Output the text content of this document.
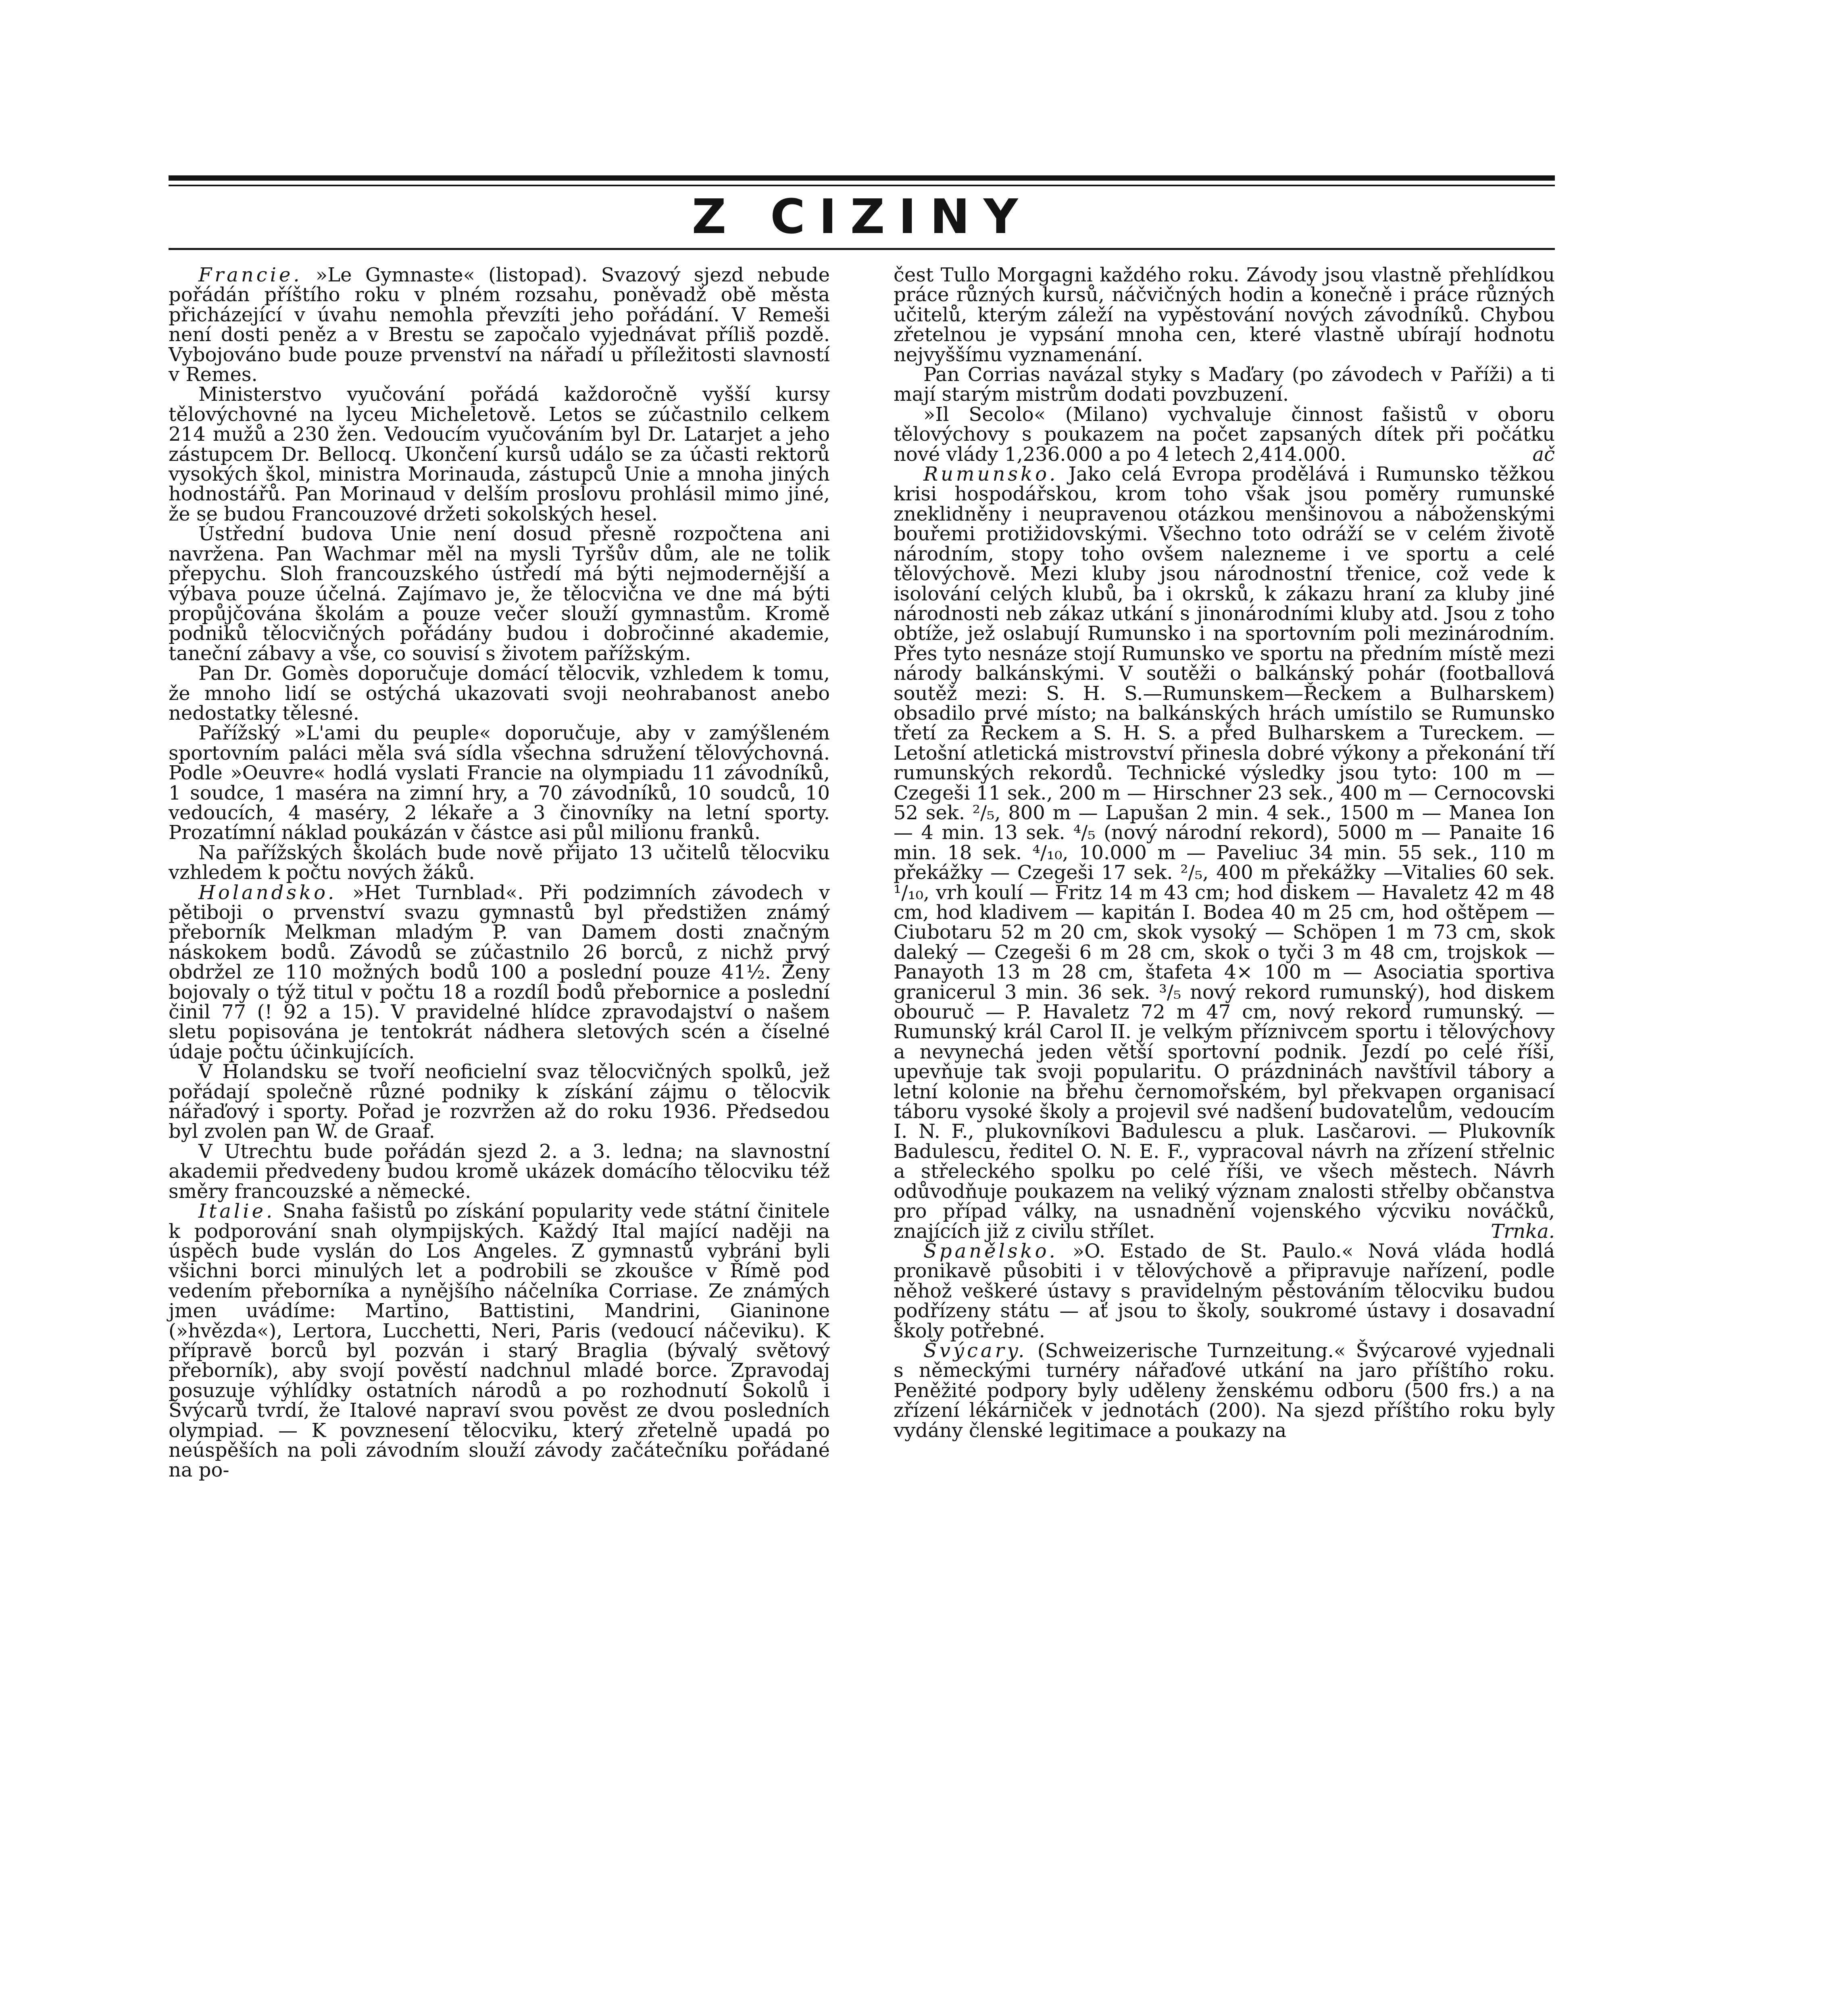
Z CIZINY

Francie. »Le Gymnaste« (listopad). Svazový sjezd nebude pořádán příštího roku v plném rozsahu, poněvadž obě města přicházející v úvahu nemohla převzíti jeho pořádání. V Remeši není dosti peněz a v Brestu se započalo vyjednávat příliš pozdě. Vybojováno bude pouze prvenství na nářadí u příležitosti slavností v Remes.

Ministerstvo vyučování pořádá každoročně vyšší kursy tělovýchovné na lyceu Micheletově. Letos se zúčastnilo celkem 214 mužů a 230 žen. Vedoucím vyučováním byl Dr. Latarjet a jeho zástupcem Dr. Bellocq. Ukončení kursů událo se za účasti rektorů vysokých škol, ministra Morinauda, zástupců Unie a mnoha jiných hodnostářů. Pan Morinaud v delším proslovu prohlásil mimo jiné, že se budou Francouzové držeti sokolských hesel.

Ústřední budova Unie není dosud přesně rozpočtena ani navržena. Pan Wachmar měl na mysli Tyršův dům, ale ne tolik přepychu. Sloh francouzského ústředí má býti nejmodernější a výbava pouze účelná. Zajímavo je, že tělocvična ve dne má býti propůjčována školám a pouze večer slouží gymnastům. Kromě podniků tělocvičných pořádány budou i dobročinné akademie, taneční zábavy a vše, co souvisí s životem pařížským.

Pan Dr. Gomès doporučuje domácí tělocvik, vzhledem k tomu, že mnoho lidí se ostýchá ukazovati svoji neohrabanost anebo nedostatky tělesné.

Pařížský »L'ami du peuple« doporučuje, aby v zamýšleném sportovním paláci měla svá sídla všechna sdružení tělovýchovná. Podle »Oeuvre« hodlá vyslati Francie na olympiadu 11 závodníků, 1 soudce, 1 maséra na zimní hry, a 70 závodníků, 10 soudců, 10 vedoucích, 4 maséry, 2 lékaře a 3 činovníky na letní sporty. Prozatímní náklad poukázán v částce asi půl milionu franků.

Na pařížských školách bude nově přijato 13 učitelů tělocviku vzhledem k počtu nových žáků.

Holandsko. »Het Turnblad«. Při podzimních závodech v pětiboji o prvenství svazu gymnastů byl předstižen známý přeborník Melkman mladým P. van Damem dosti značným náskokem bodů. Závodů se zúčastnilo 26 borců, z nichž prvý obdržel ze 110 možných bodů 100 a poslední pouze 41½. Ženy bojovaly o týž titul v počtu 18 a rozdíl bodů přebornice a poslední činil 77 (! 92 a 15). V pravidelné hlídce zpravodajství o našem sletu popisována je tentokrát nádhera sletových scén a číselné údaje počtu účinkujících.

V Holandsku se tvoří neoficielní svaz tělocvičných spolků, jež pořádají společně různé podniky k získání zájmu o tělocvik nářaďový i sporty. Pořad je rozvržen až do roku 1936. Předsedou byl zvolen pan W. de Graaf.

V Utrechtu bude pořádán sjezd 2. a 3. ledna; na slavnostní akademii předvedeny budou kromě ukázek domácího tělocviku též směry francouzské a německé.

Italie. Snaha fašistů po získání popularity vede státní činitele k podporování snah olympijských. Každý Ital mající naději na úspěch bude vyslán do Los Angeles. Z gymnastů vybráni byli všichni borci minulých let a podrobili se zkoušce v Římě pod vedením přeborníka a nynějšího náčelníka Corriase. Ze známých jmen uvádíme: Martino, Battistini, Mandrini, Gianinone (»hvězda«), Lertora, Lucchetti, Neri, Paris (vedoucí náčeviku). K přípravě borců byl pozván i starý Braglia (bývalý světový přeborník), aby svojí pověstí nadchnul mladé borce. Zpravodaj posuzuje výhlídky ostatních národů a po rozhodnutí Sokolů i Švýcarů tvrdí, že Italové napraví svou pověst ze dvou posledních olympiad. — K povznesení tělocviku, který zřetelně upadá po neúspěších na poli závodním slouží závody začátečníku pořádané na po-

čest Tullo Morgagni každého roku. Závody jsou vlastně přehlídkou práce různých kursů, náčvičných hodin a konečně i práce různých učitelů, kterým záleží na vypěstování nových závodníků. Chybou zřetelnou je vypsání mnoha cen, které vlastně ubírají hodnotu nejvyššímu vyznamenání.

Pan Corrias navázal styky s Maďary (po závodech v Paříži) a ti mají starým mistrům dodati povzbuzení.

»Il Secolo« (Milano) vychvaluje činnost fašistů v oboru tělovýchovy s poukazem na počet zapsaných dítek při počátku nové vlády 1,236.000 a po 4 letech 2,414.000.	ač

Rumunsko. Jako celá Evropa prodělává i Rumunsko těžkou krisi hospodářskou, krom toho však jsou poměry rumunské zneklidněny i neupravenou otázkou menšinovou a náboženskými bouřemi protižidovskými. Všechno toto odráží se v celém životě národním, stopy toho ovšem nalezneme i ve sportu a celé tělovýchově. Mezi kluby jsou národnostní třenice, což vede k isolování celých klubů, ba i okrsků, k zákazu hraní za kluby jiné národnosti neb zákaz utkání s jinonárodními kluby atd. Jsou z toho obtíže, jež oslabují Rumunsko i na sportovním poli mezinárodním. Přes tyto nesnáze stojí Rumunsko ve sportu na předním místě mezi národy balkánskými. V soutěži o balkánský pohár (footballová soutěž mezi: S. H. S.—Rumunskem—Řeckem a Bulharskem) obsadilo prvé místo; na balkánských hrách umístilo se Rumunsko třetí za Řeckem a S. H. S. a před Bulharskem a Tureckem. — Letošní atletická mistrovství přinesla dobré výkony a překonání tří rumunských rekordů. Technické výsledky jsou tyto: 100 m — Czegeši 11 sek., 200 m — Hirschner 23 sek., 400 m — Cernocovski 52 sek. ²/₅, 800 m — Lapušan 2 min. 4 sek., 1500 m — Manea Ion — 4 min. 13 sek. ⁴/₅ (nový národní rekord), 5000 m — Panaite 16 min. 18 sek. ⁴/₁₀, 10.000 m — Paveliuc 34 min. 55 sek., 110 m překážky — Czegeši 17 sek. ²/₅, 400 m překážky —Vitalies 60 sek. ¹/₁₀, vrh koulí — Fritz 14 m 43 cm; hod diskem — Havaletz 42 m 48 cm, hod kladivem — kapitán I. Bodea 40 m 25 cm, hod oštěpem — Ciubotaru 52 m 20 cm, skok vysoký — Schöpen 1 m 73 cm, skok daleký — Czegeši 6 m 28 cm, skok o tyči 3 m 48 cm, trojskok — Panayoth 13 m 28 cm, štafeta 4× 100 m — Asociatia sportiva granicerul 3 min. 36 sek. ³/₅ nový rekord rumunský), hod diskem obouruč — P. Havaletz 72 m 47 cm, nový rekord rumunský. — Rumunský král Carol II. je velkým příznivcem sportu i tělovýchovy a nevynechá jeden větší sportovní podnik. Jezdí po celé říši, upevňuje tak svoji popularitu. O prázdninách navštívil tábory a letní kolonie na břehu černomořském, byl překvapen organisací táboru vysoké školy a projevil své nadšení budovatelům, vedoucím I. N. F., plukovníkovi Badulescu a pluk. Lasčarovi. — Plukovník Badulescu, ředitel O. N. E. F., vypracoval návrh na zřízení střelnic a střeleckého spolku po celé říši, ve všech městech. Návrh odůvodňuje poukazem na veliký význam znalosti střelby občanstva pro případ války, na usnadnění vojenského výcviku nováčků, znajících již z civilu střílet.	Trnka.

Španělsko. »O. Estado de St. Paulo.« Nová vláda hodlá pronikavě působiti i v tělovýchově a připravuje nařízení, podle něhož veškeré ústavy s pravidelným pěstováním tělocviku budou podřízeny státu — ať jsou to školy, soukromé ústavy i dosavadní školy potřebné.

Švýcary. (Schweizerische Turnzeitung.« Švýcarové vyjednali s německými turnéry nářaďové utkání na jaro příštího roku. Peněžité podpory byly uděleny ženskému odboru (500 frs.) a na zřízení lékárniček v jednotách (200). Na sjezd příštího roku byly vydány členské legitimace a poukazy na
